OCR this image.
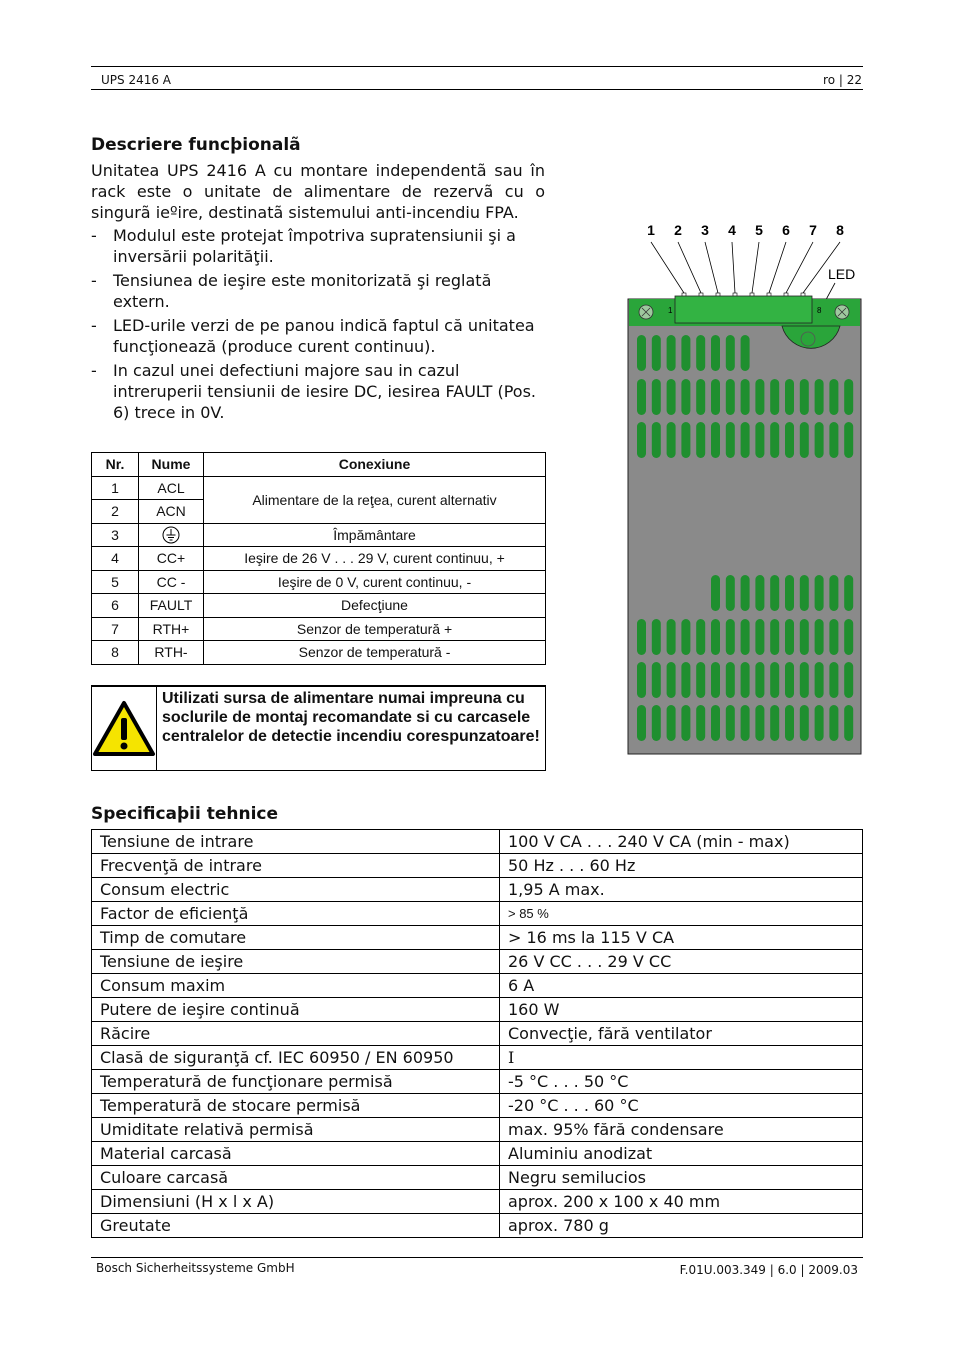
UPS 2416 A	ro | 22
Descriere funcþionalã
Unitatea UPS 2416 A cu montare independentã sau în rack este o unitate de alimentare de rezervã cu o singurã ieºire, destinatã sistemului anti-incendiu FPA.
-	Modulul este protejat împotriva supratensiunii şi a inversării polarităţii.
-	Tensiunea de ieşire este monitorizată şi reglată extern.
-	LED-urile verzi de pe panou indică faptul că unitatea funcţionează (produce curent continuu).
-	In cazul unei defectiuni majore sau in cazul intreruperii tensiunii de iesire DC, iesirea FAULT (Pos. 6) trece in 0V.
Nr.	Nume	Conexiune
1	ACL	Alimentare de la reţea, curent alternativ
2	ACN	
3		Împământare
4	CC+	Ieşire de 26 V . . . 29 V, curent continuu, +
5	CC -	Ieşire de 0 V, curent continuu, -
6	FAULT	Defecţiune
7	RTH+	Senzor de temperatură +
8	RTH-	Senzor de temperatură -
Utilizati sursa de alimentare numai impreuna cu soclurile de montaj recomandate si cu carcasele centralelor de detectie incendiu corespunzatoare!
1 2 3 4 5 6 7 8
LED
1	8
Specificaþii tehnice
Tensiune de intrare	100 V CA . . . 240 V CA (min - max)
Frecvenţă de intrare	50 Hz . . . 60 Hz
Consum electric	1,95 A max.
Factor de eficienţă	> 85 %
Timp de comutare	> 16 ms la 115 V CA
Tensiune de ieşire	26 V CC . . . 29 V CC
Consum maxim	6 A
Putere de ieşire continuă	160 W
Răcire	Convecţie, fără ventilator
Clasă de siguranţă cf. IEC 60950 / EN 60950	I
Temperatură de funcţionare permisă	-5 °C . . . 50 °C
Temperatură de stocare permisă	-20 °C . . . 60 °C
Umiditate relativă permisă	max. 95% fără condensare
Material carcasă	Aluminiu anodizat
Culoare carcasă	Negru semilucios
Dimensiuni (H x l x A)	aprox. 200 x 100 x 40 mm
Greutate	aprox. 780 g
Bosch Sicherheitssysteme GmbH	F.01U.003.349 | 6.0 | 2009.03
